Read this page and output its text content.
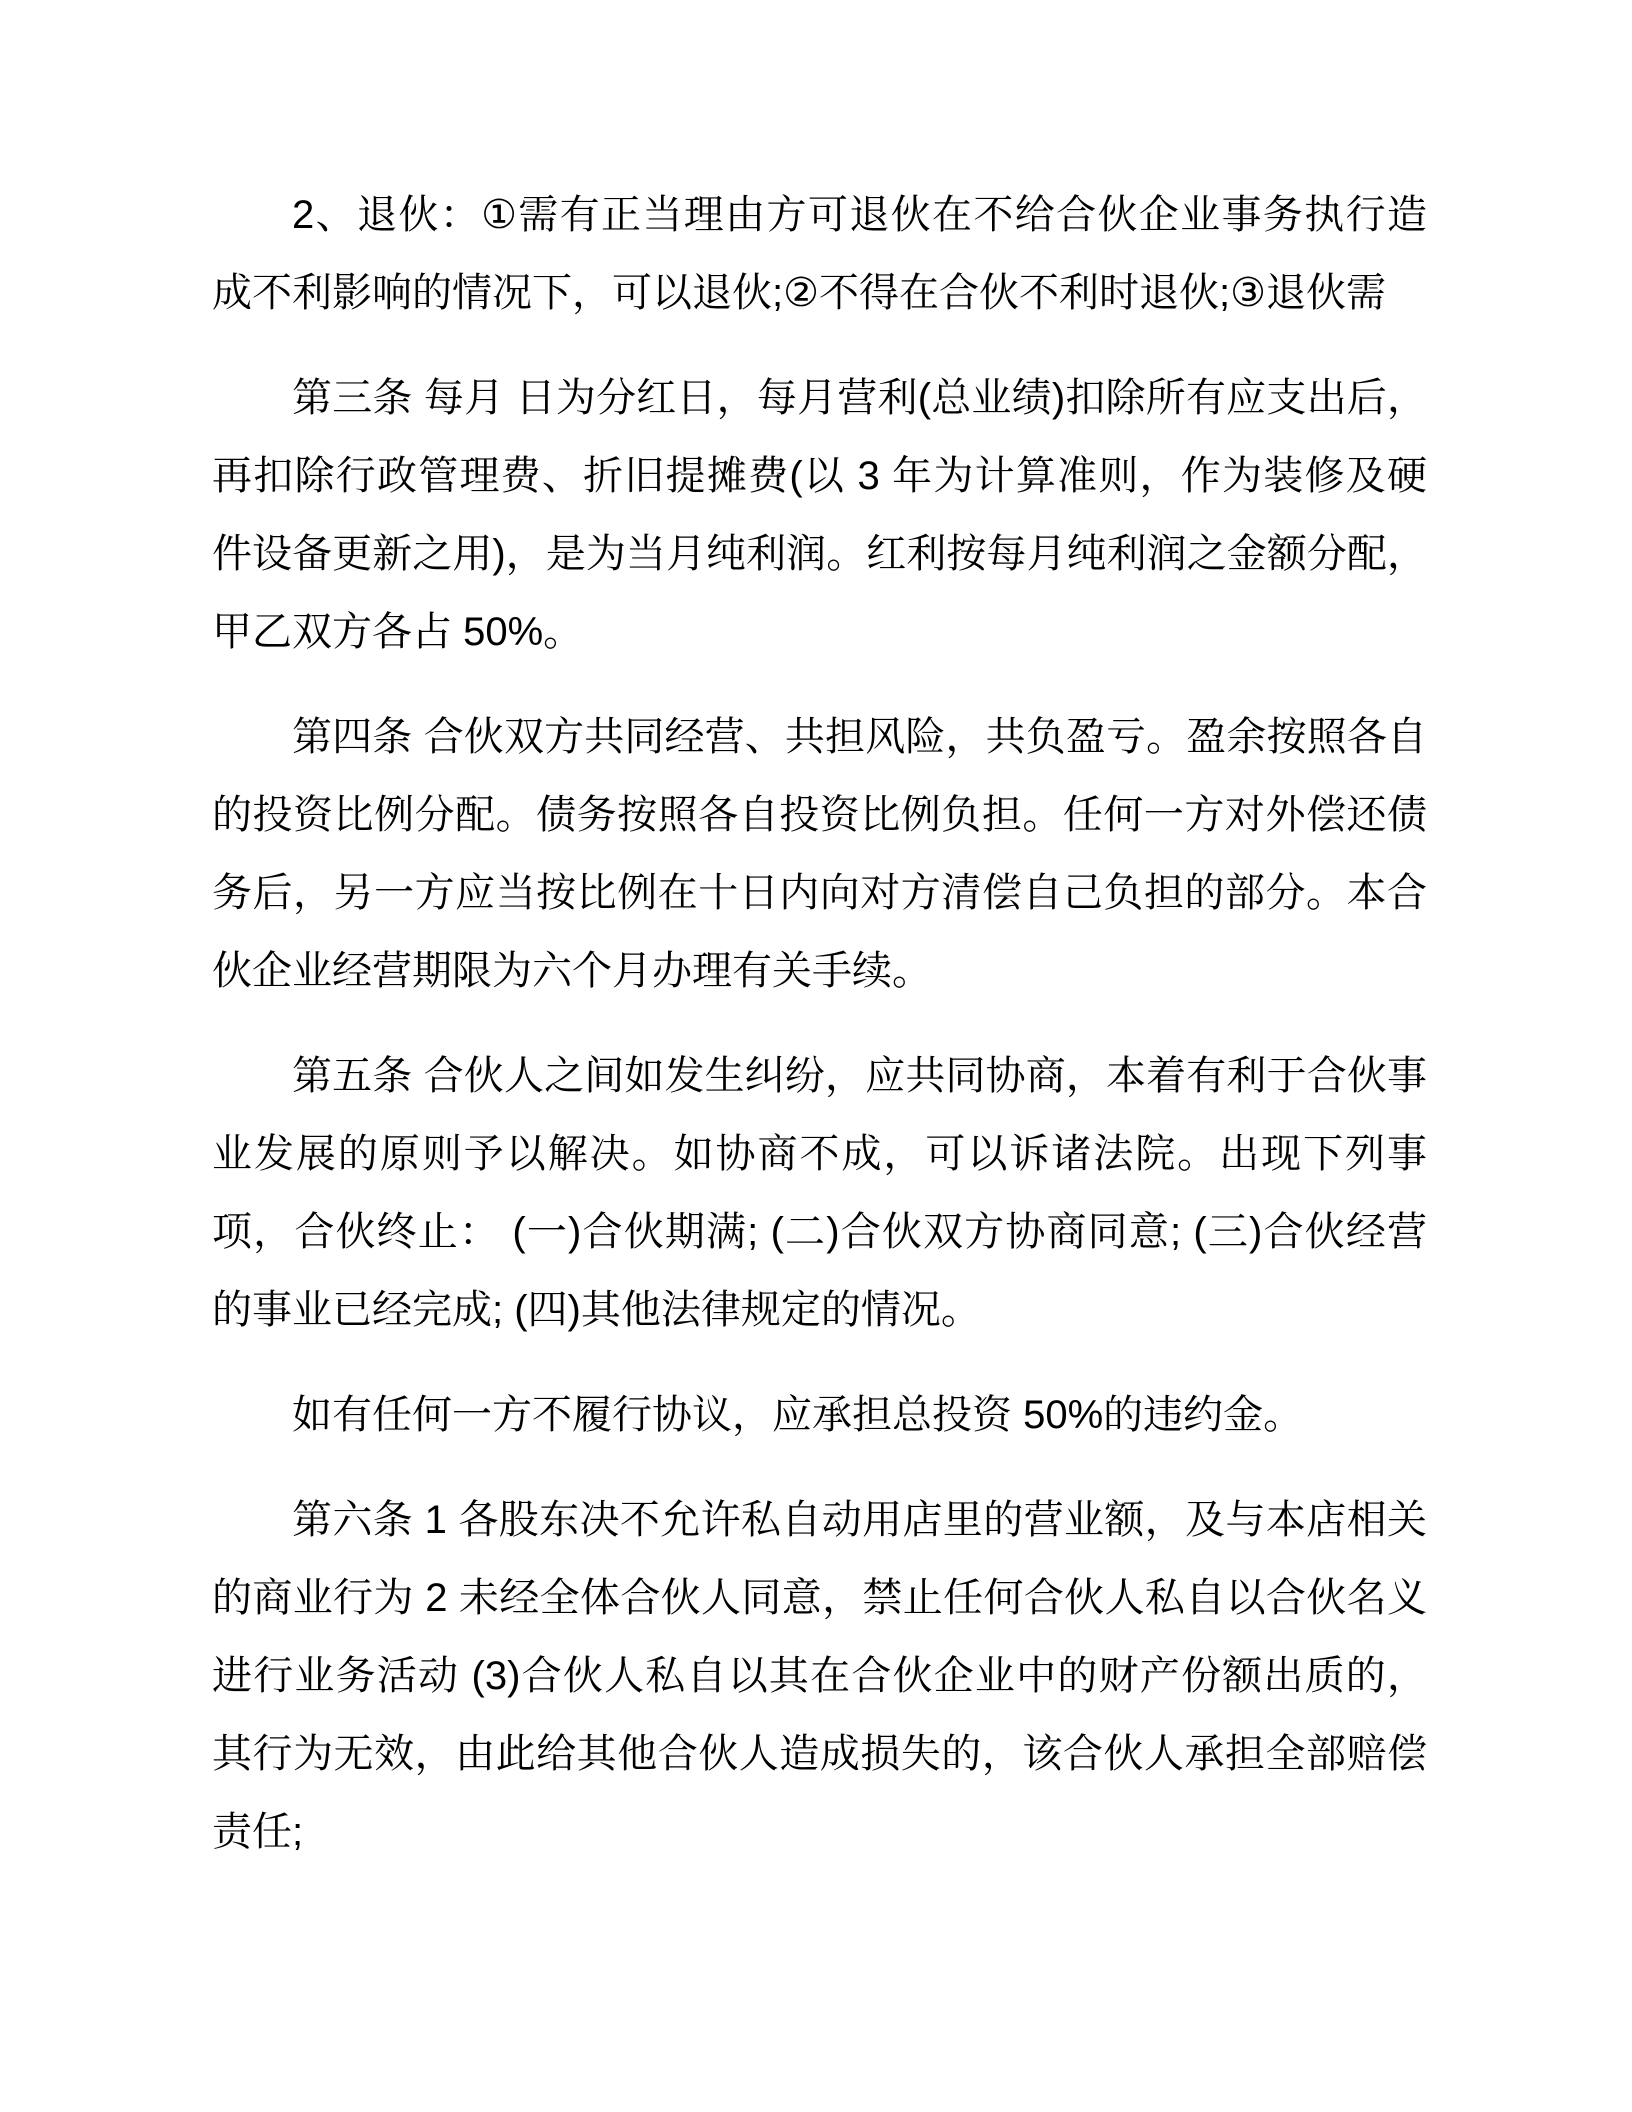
2、退伙：①需有正当理由方可退伙在不给合伙企业事务执行造成不利影响的情况下，可以退伙;②不得在合伙不利时退伙;③退伙需

第三条 每月 日为分红日，每月营利(总业绩)扣除所有应支出后，再扣除行政管理费、折旧提摊费(以 3 年为计算准则，作为装修及硬件设备更新之用)，是为当月纯利润。红利按每月纯利润之金额分配，甲乙双方各占 50%。

第四条 合伙双方共同经营、共担风险，共负盈亏。盈余按照各自的投资比例分配。债务按照各自投资比例负担。任何一方对外偿还债务后，另一方应当按比例在十日内向对方清偿自己负担的部分。本合伙企业经营期限为六个月办理有关手续。

第五条 合伙人之间如发生纠纷，应共同协商，本着有利于合伙事业发展的原则予以解决。如协商不成，可以诉诸法院。出现下列事项，合伙终止： (一)合伙期满; (二)合伙双方协商同意; (三)合伙经营的事业已经完成; (四)其他法律规定的情况。

如有任何一方不履行协议，应承担总投资 50%的违约金。

第六条 1 各股东决不允许私自动用店里的营业额，及与本店相关的商业行为 2 未经全体合伙人同意，禁止任何合伙人私自以合伙名义进行业务活动 (3)合伙人私自以其在合伙企业中的财产份额出质的，其行为无效，由此给其他合伙人造成损失的，该合伙人承担全部赔偿责任;
